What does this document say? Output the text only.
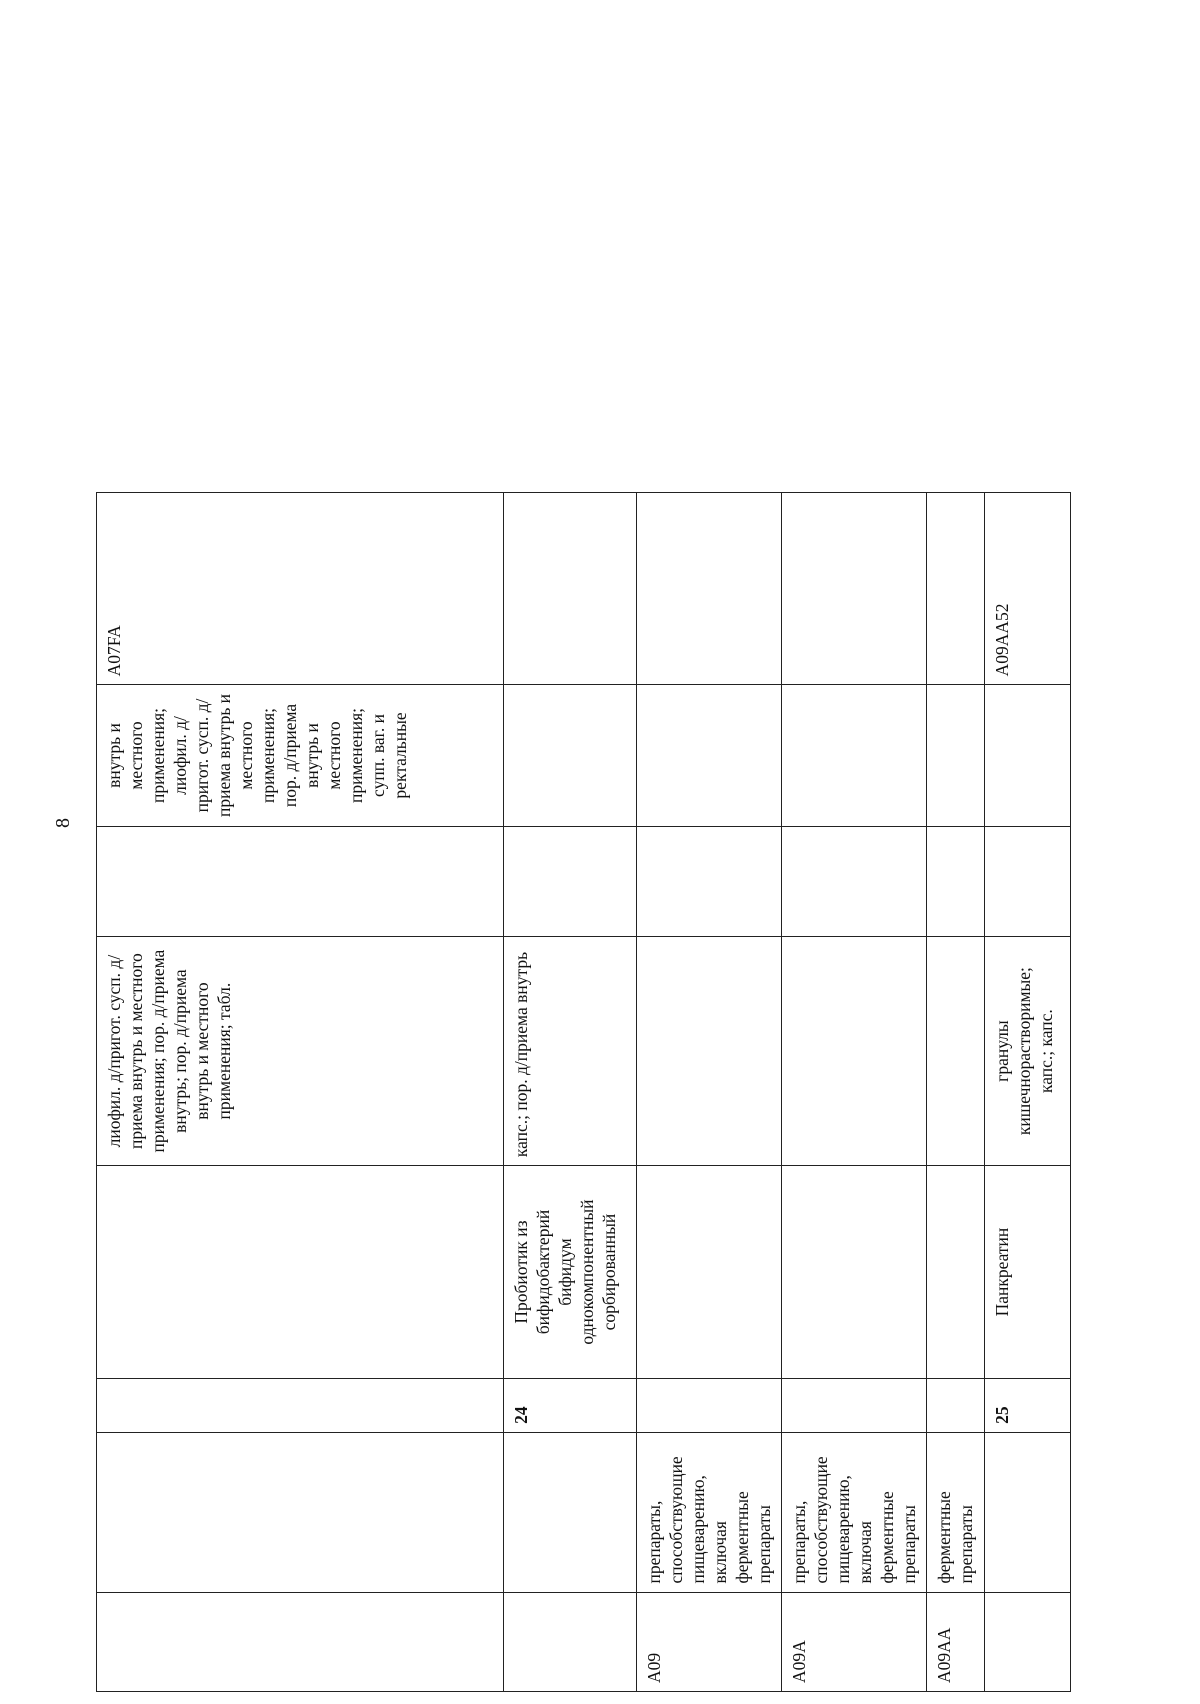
8
				лиофил. д/пригот. сусп. д/приема внутрь и местного применения; пор. д/приема внутрь; пор. д/приема внутрь и местного применения; табл.		внутрь и местного применения; лиофил. д/пригот. сусп. д/приема внутрь и местного применения; пор. д/приема внутрь и местного применения; супп. ваг. и ректальные	A07FA
		24	Пробиотик из бифидобактерий бифидум однокомпонентный сорбированный	капс.; пор. д/приема внутрь			
A09	препараты, способствующие пищеварению, включая ферментные препараты						
A09A	препараты, способствующие пищеварению, включая ферментные препараты						
A09AA	ферментные препараты						
		25	Панкреатин	гранулы кишечнорастворимые; капс.; капс.			A09AA52
